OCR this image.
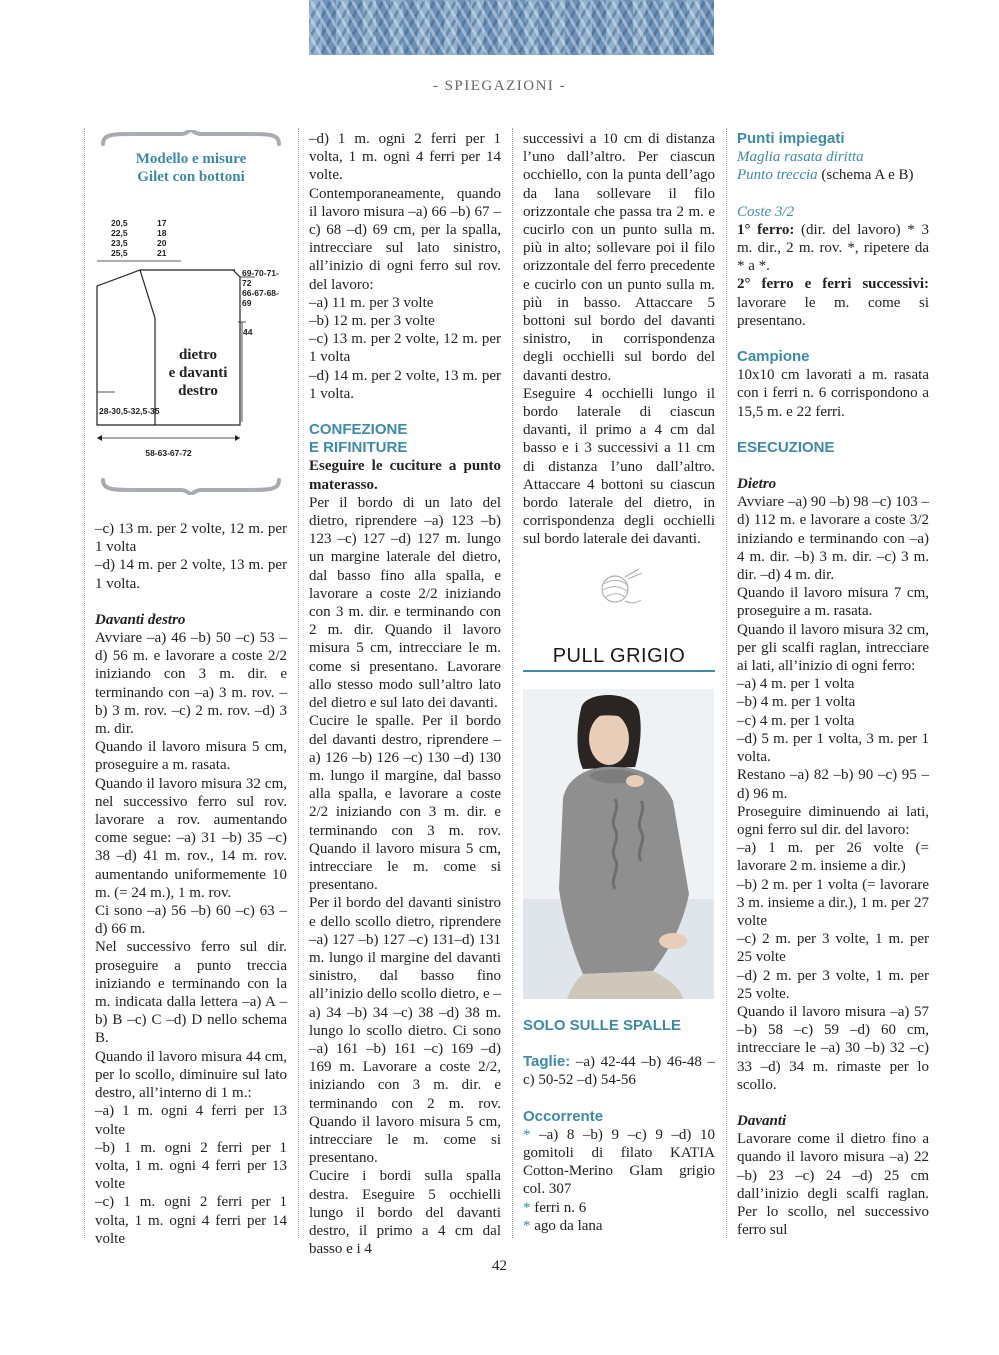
- SPIEGAZIONI -
Modello e misure
Gilet con bottoni
20,5
22,5
23,5
25,5
17
18
20
21
69-70-71-72
66-67-68-69
44
28-30,5-32,5-35
58-63-67-72
dietro
e davanti
destro

–c) 13 m. per 2 volte, 12 m. per 1 volta

–d) 14 m. per 2 volte, 13 m. per 1 volta.

Davanti destro

Avviare –a) 46 –b) 50 –c) 53 –d) 56 m. e lavorare a coste 2/2 iniziando con 3 m. dir. e terminando con –a) 3 m. rov. –b) 3 m. rov. –c) 2 m. rov. –d) 3 m. dir.

Quando il lavoro misura 5 cm, proseguire a m. rasata.

Quando il lavoro misura 32 cm, nel successivo ferro sul rov. lavorare a rov. aumentando come segue: –a) 31 –b) 35 –c) 38 –d) 41 m. rov., 14 m. rov. aumentando uniformemente 10 m. (= 24 m.), 1 m. rov.

Ci sono –a) 56 –b) 60 –c) 63 –d) 66 m.

Nel successivo ferro sul dir. proseguire a punto treccia iniziando e terminando con la m. indicata dalla lettera –a) A –b) B –c) C –d) D nello schema B.

Quando il lavoro misura 44 cm, per lo scollo, diminuire sul lato destro, all’interno di 1 m.:

–a) 1 m. ogni 4 ferri per 13 volte

–b) 1 m. ogni 2 ferri per 1 volta, 1 m. ogni 4 ferri per 13 volte

–c) 1 m. ogni 2 ferri per 1 volta, 1 m. ogni 4 ferri per 14 volte

–d) 1 m. ogni 2 ferri per 1 volta, 1 m. ogni 4 ferri per 14 volte.

Contemporaneamente, quando il lavoro misura –a) 66 –b) 67 –c) 68 –d) 69 cm, per la spalla, intrecciare sul lato sinistro, all’inizio di ogni ferro sul rov. del lavoro:

–a) 11 m. per 3 volte

–b) 12 m. per 3 volte

–c) 13 m. per 2 volte, 12 m. per 1 volta

–d) 14 m. per 2 volte, 13 m. per 1 volta.

CONFEZIONE

E RIFINITURE

Eseguire le cuciture a punto materasso.

Per il bordo di un lato del dietro, riprendere –a) 123 –b) 123 –c) 127 –d) 127 m. lungo un margine laterale del dietro, dal basso fino alla spalla, e lavorare a coste 2/2 iniziando con 3 m. dir. e terminando con 2 m. dir. Quando il lavoro misura 5 cm, intrecciare le m. come si presentano. Lavorare allo stesso modo sull’altro lato del dietro e sul lato dei davanti.

Cucire le spalle. Per il bordo del davanti destro, riprendere –a) 126 –b) 126 –c) 130 –d) 130 m. lungo il margine, dal basso alla spalla, e lavorare a coste 2/2 iniziando con 3 m. dir. e terminando con 3 m. rov. Quando il lavoro misura 5 cm, intrecciare le m. come si presentano.

Per il bordo del davanti sinistro e dello scollo dietro, riprendere –a) 127 –b) 127 –c) 131–d) 131 m. lungo il margine del davanti sinistro, dal basso fino all’inizio dello scollo dietro, e –a) 34 –b) 34 –c) 38 –d) 38 m. lungo lo scollo dietro. Ci sono –a) 161 –b) 161 –c) 169 –d) 169 m. Lavorare a coste 2/2, iniziando con 3 m. dir. e terminando con 2 m. rov. Quando il lavoro misura 5 cm, intrecciare le m. come si presentano.

Cucire i bordi sulla spalla destra. Eseguire 5 occhielli lungo il bordo del davanti destro, il primo a 4 cm dal basso e i 4

successivi a 10 cm di distanza l’uno dall’altro. Per ciascun occhiello, con la punta dell’ago da lana sollevare il filo orizzontale che passa tra 2 m. e cucirlo con un punto sulla m. più in alto; sollevare poi il filo orizzontale del ferro precedente e cucirlo con un punto sulla m. più in basso. Attaccare 5 bottoni sul bordo del davanti sinistro, in corrispondenza degli occhielli sul bordo del davanti destro.

Eseguire 4 occhielli lungo il bordo laterale di ciascun davanti, il primo a 4 cm dal basso e i 3 successivi a 11 cm di distanza l’uno dall’altro. Attaccare 4 bottoni su ciascun bordo laterale del dietro, in corrispondenza degli occhielli sul bordo laterale dei davanti.

PULL GRIGIO

SOLO SULLE SPALLE

Taglie: –a) 42-44 –b) 46-48 –c) 50-52 –d) 54-56

Occorrente

* –a) 8 –b) 9 –c) 9 –d) 10 gomitoli di filato KATIA Cotton-Merino Glam grigio col. 307

* ferri n. 6

* ago da lana

Punti impiegati

Maglia rasata diritta

Punto treccia (schema A e B)

Coste 3/2

1° ferro: (dir. del lavoro) * 3 m. dir., 2 m. rov. *, ripetere da * a *.

2° ferro e ferri successivi: lavorare le m. come si presentano.

Campione

10x10 cm lavorati a m. rasata con i ferri n. 6 corrispondono a 15,5 m. e 22 ferri.

ESECUZIONE

Dietro

Avviare –a) 90 –b) 98 –c) 103 –d) 112 m. e lavorare a coste 3/2 iniziando e terminando con –a) 4 m. dir. –b) 3 m. dir. –c) 3 m. dir. –d) 4 m. dir.

Quando il lavoro misura 7 cm, proseguire a m. rasata.

Quando il lavoro misura 32 cm, per gli scalfi raglan, intrecciare ai lati, all’inizio di ogni ferro:

–a) 4 m. per 1 volta

–b) 4 m. per 1 volta

–c) 4 m. per 1 volta

–d) 5 m. per 1 volta, 3 m. per 1 volta.

Restano –a) 82 –b) 90 –c) 95 –d) 96 m.

Proseguire diminuendo ai lati, ogni ferro sul dir. del lavoro:

–a) 1 m. per 26 volte (= lavorare 2 m. insieme a dir.)

–b) 2 m. per 1 volta (= lavorare 3 m. insieme a dir.), 1 m. per 27 volte

–c) 2 m. per 3 volte, 1 m. per 25 volte

–d) 2 m. per 3 volte, 1 m. per 25 volte.

Quando il lavoro misura –a) 57 –b) 58 –c) 59 –d) 60 cm, intrecciare le –a) 30 –b) 32 –c) 33 –d) 34 m. rimaste per lo scollo.

Davanti

Lavorare come il dietro fino a quando il lavoro misura –a) 22 –b) 23 –c) 24 –d) 25 cm dall’inizio degli scalfi raglan. Per lo scollo, nel successivo ferro sul

42
